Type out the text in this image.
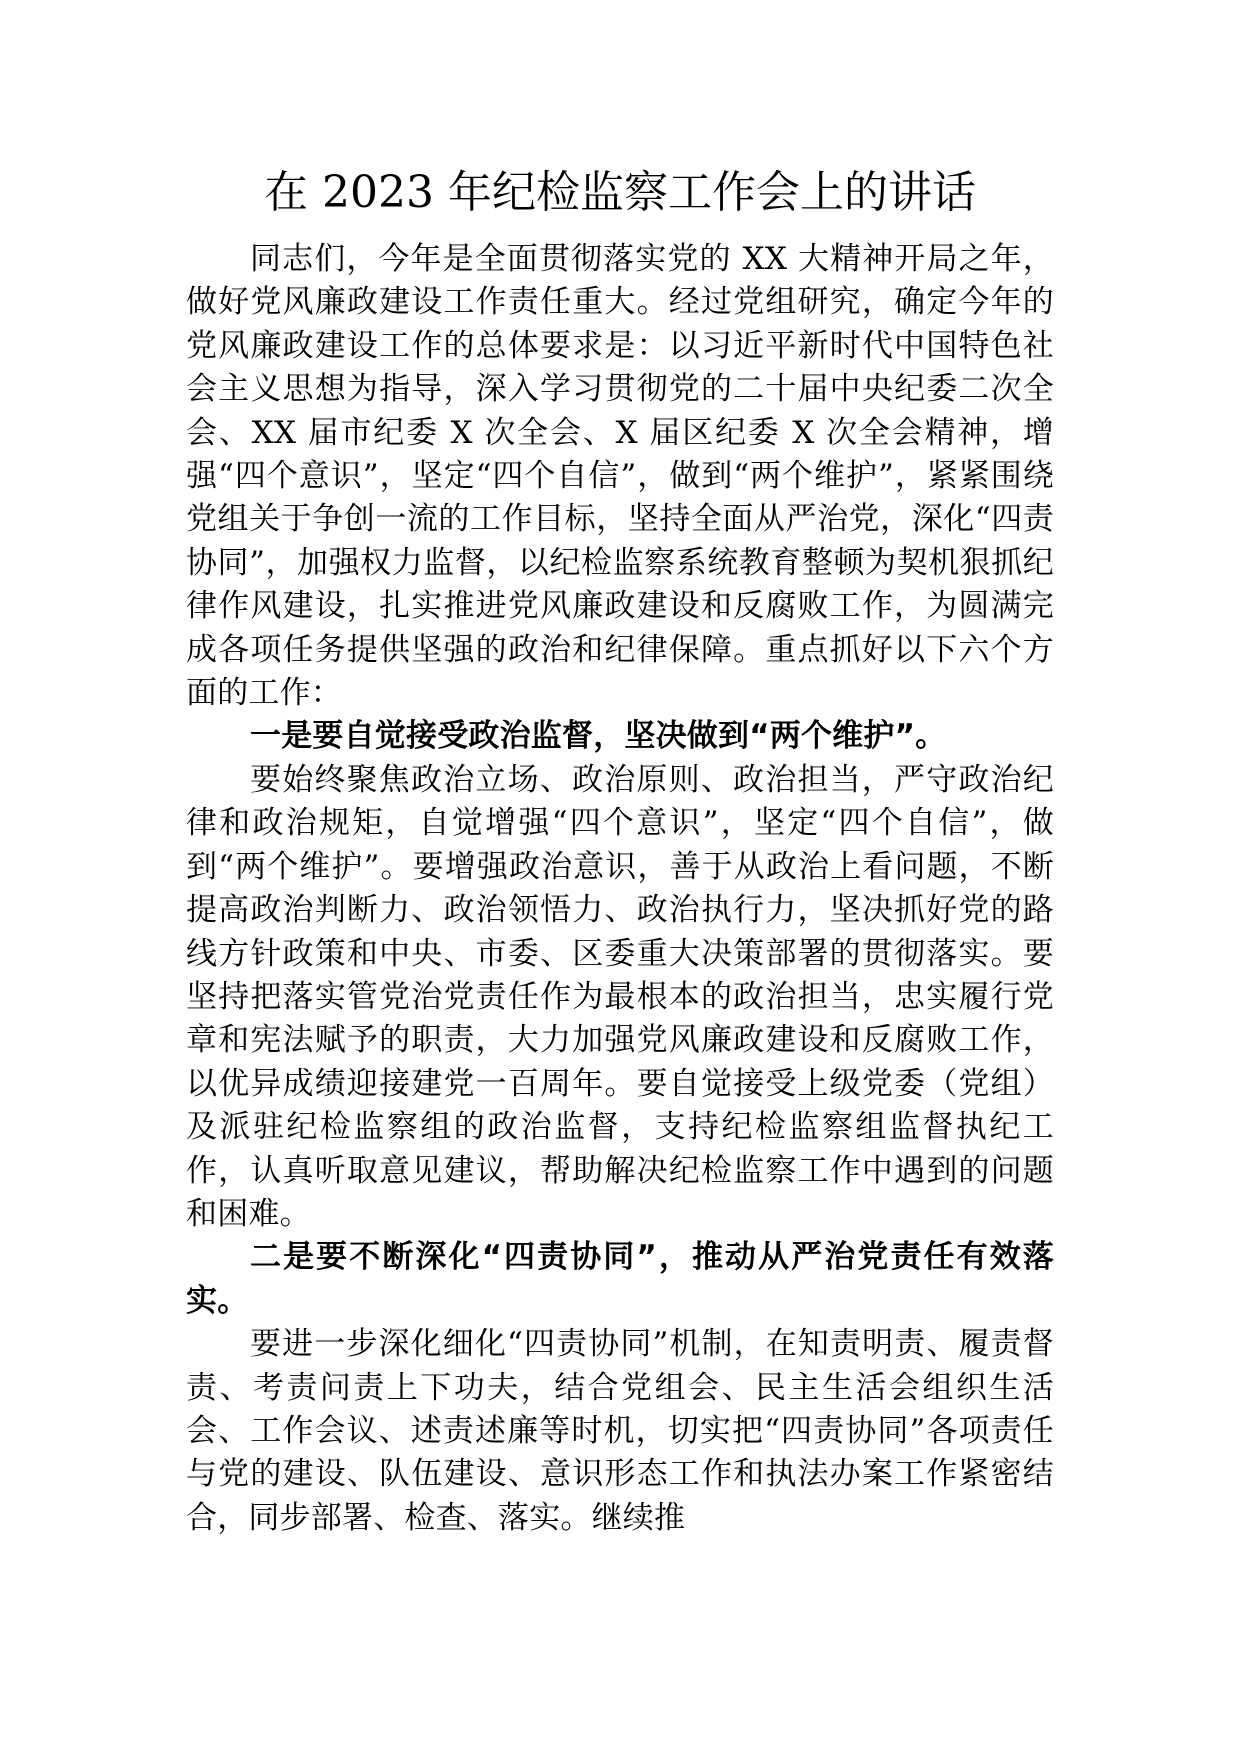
在 2023 年纪检监察工作会上的讲话

同志们，今年是全面贯彻落实党的 XX 大精神开局之年，做好党风廉政建设工作责任重大。经过党组研究，确定今年的党风廉政建设工作的总体要求是：以习近平新时代中国特色社会主义思想为指导，深入学习贯彻党的二十届中央纪委二次全会、XX 届市纪委 X 次全会、X 届区纪委 X 次全会精神，增强“四个意识”，坚定“四个自信”，做到“两个维护”，紧紧围绕党组关于争创一流的工作目标，坚持全面从严治党，深化“四责协同”，加强权力监督，以纪检监察系统教育整顿为契机狠抓纪律作风建设，扎实推进党风廉政建设和反腐败工作，为圆满完成各项任务提供坚强的政治和纪律保障。重点抓好以下六个方面的工作：

一是要自觉接受政治监督，坚决做到“两个维护”。

要始终聚焦政治立场、政治原则、政治担当，严守政治纪律和政治规矩，自觉增强“四个意识”，坚定“四个自信”，做到“两个维护”。要增强政治意识，善于从政治上看问题，不断提高政治判断力、政治领悟力、政治执行力，坚决抓好党的路线方针政策和中央、市委、区委重大决策部署的贯彻落实。要坚持把落实管党治党责任作为最根本的政治担当，忠实履行党章和宪法赋予的职责，大力加强党风廉政建设和反腐败工作，以优异成绩迎接建党一百周年。要自觉接受上级党委（党组）及派驻纪检监察组的政治监督，支持纪检监察组监督执纪工作，认真听取意见建议，帮助解决纪检监察工作中遇到的问题和困难。

二是要不断深化“四责协同”，推动从严治党责任有效落实。

要进一步深化细化“四责协同”机制，在知责明责、履责督责、考责问责上下功夫，结合党组会、民主生活会组织生活会、工作会议、述责述廉等时机，切实把“四责协同”各项责任与党的建设、队伍建设、意识形态工作和执法办案工作紧密结合，同步部署、检查、落实。继续推
